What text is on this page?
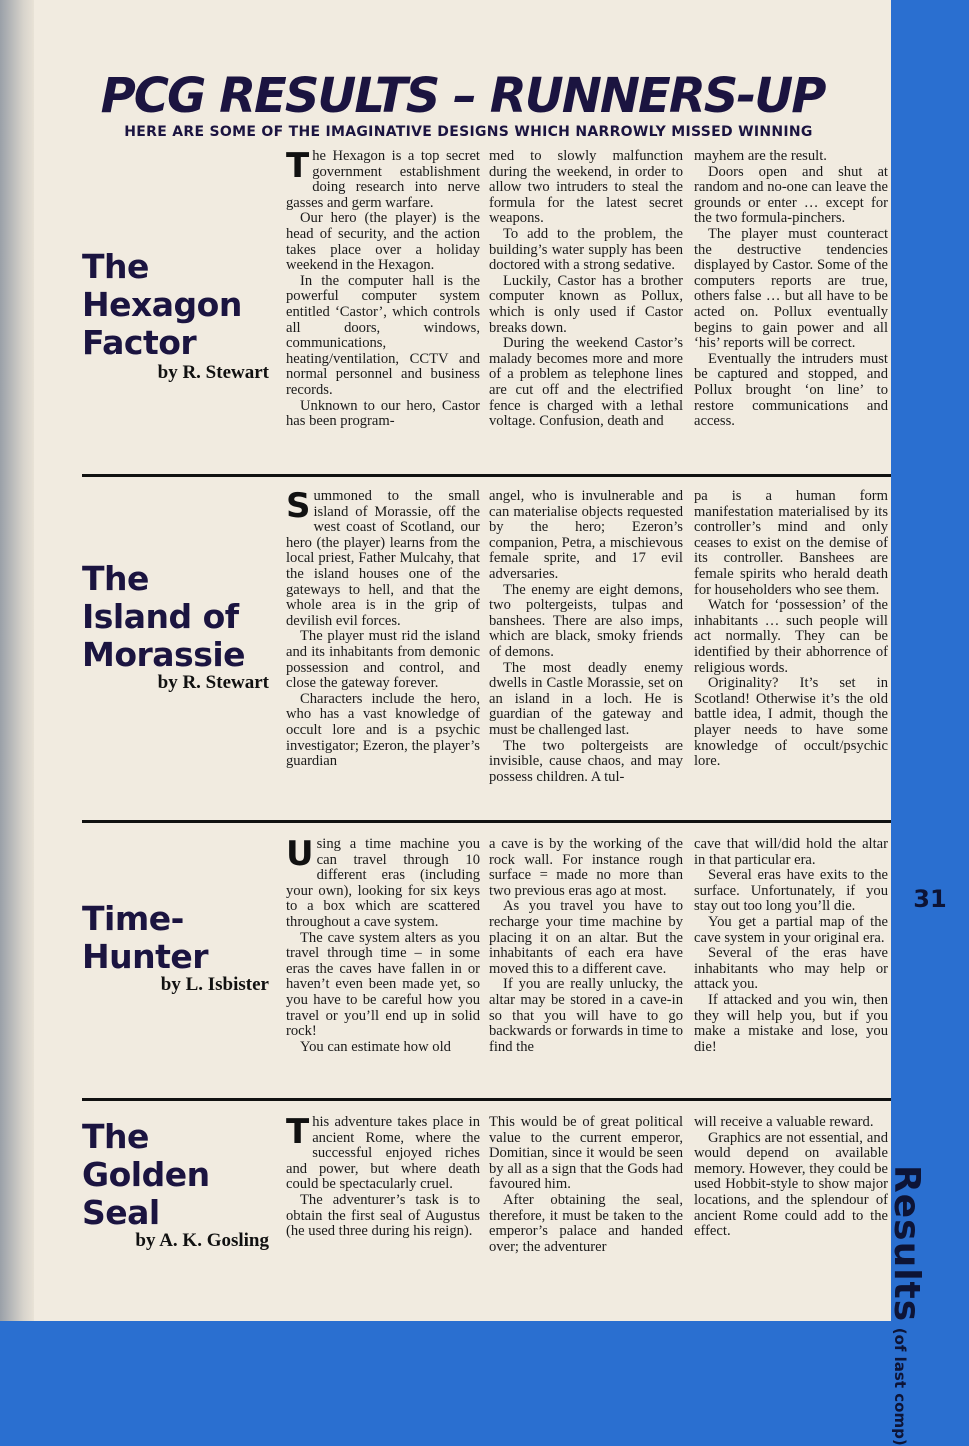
PCG RESULTS – RUNNERS-UP
HERE ARE SOME OF THE IMAGINATIVE DESIGNS WHICH NARROWLY MISSED WINNING
The
Hexagon
Factor
by R. Stewart

The Hexagon is a top secret government establishment doing research into nerve gasses and germ warfare.

Our hero (the player) is the head of security, and the action takes place over a holiday weekend in the Hexagon.

In the computer hall is the powerful computer system entitled ‘Castor’, which controls all doors, windows, communications, heating/ventilation, CCTV and normal personnel and business records.

Unknown to our hero, Castor has been program-

med to slowly malfunction during the weekend, in order to allow two intruders to steal the formula for the latest secret weapons.

To add to the problem, the building’s water supply has been doctored with a strong sedative.

Luckily, Castor has a brother computer known as Pollux, which is only used if Castor breaks down.

During the weekend Castor’s malady becomes more and more of a problem as telephone lines are cut off and the electrified fence is charged with a lethal voltage. Confusion, death and

mayhem are the result.

Doors open and shut at random and no-one can leave the grounds or enter … except for the two formula-pinchers.

The player must counteract the destructive tendencies displayed by Castor. Some of the computers reports are true, others false … but all have to be acted on. Pollux eventually begins to gain power and all ‘his’ reports will be correct.

Eventually the intruders must be captured and stopped, and Pollux brought ‘on line’ to restore communications and access.

The
Island of
Morassie
by R. Stewart

Summoned to the small island of Morassie, off the west coast of Scotland, our hero (the player) learns from the local priest, Father Mulcahy, that the island houses one of the gateways to hell, and that the whole area is in the grip of devilish evil forces.

The player must rid the island and its inhabitants from demonic possession and control, and close the gateway forever.

Characters include the hero, who has a vast knowledge of occult lore and is a psychic investigator; Ezeron, the player’s guardian

angel, who is invulnerable and can materialise objects requested by the hero; Ezeron’s companion, Petra, a mischievous female sprite, and 17 evil adversaries.

The enemy are eight demons, two poltergeists, tulpas and banshees. There are also imps, which are black, smoky friends of demons.

The most deadly enemy dwells in Castle Morassie, set on an island in a loch. He is guardian of the gateway and must be challenged last.

The two poltergeists are invisible, cause chaos, and may possess children. A tul-

pa is a human form manifestation materialised by its controller’s mind and only ceases to exist on the demise of its controller. Banshees are female spirits who herald death for householders who see them.

Watch for ‘possession’ of the inhabitants … such people will act normally. They can be identified by their abhorrence of religious words.

Originality? It’s set in Scotland! Otherwise it’s the old battle idea, I admit, though the player needs to have some knowledge of occult/psychic lore.

Time-
Hunter
by L. Isbister

Using a time machine you can travel through 10 different eras (including your own), looking for six keys to a box which are scattered throughout a cave system.

The cave system alters as you travel through time – in some eras the caves have fallen in or haven’t even been made yet, so you have to be careful how you travel or you’ll end up in solid rock!

You can estimate how old

a cave is by the working of the rock wall. For instance rough surface = made no more than two previous eras ago at most.

As you travel you have to recharge your time machine by placing it on an altar. But the inhabitants of each era have moved this to a different cave.

If you are really unlucky, the altar may be stored in a cave-in so that you will have to go backwards or forwards in time to find the

cave that will/did hold the altar in that particular era.

Several eras have exits to the surface. Unfortunately, if you stay out too long you’ll die.

You get a partial map of the cave system in your original era.

Several of the eras have inhabitants who may help or attack you.

If attacked and you win, then they will help you, but if you make a mistake and lose, you die!

The
Golden
Seal
by A. K. Gosling

This adventure takes place in ancient Rome, where the successful enjoyed riches and power, but where death could be spectacularly cruel.

The adventurer’s task is to obtain the first seal of Augustus (he used three during his reign).

This would be of great political value to the current emperor, Domitian, since it would be seen by all as a sign that the Gods had favoured him.

After obtaining the seal, therefore, it must be taken to the emperor’s palace and handed over; the adventurer

will receive a valuable reward.

Graphics are not essential, and would depend on available memory. However, they could be used Hobbit-style to show major locations, and the splendour of ancient Rome could add to the effect.

31
Results (of last comp)
